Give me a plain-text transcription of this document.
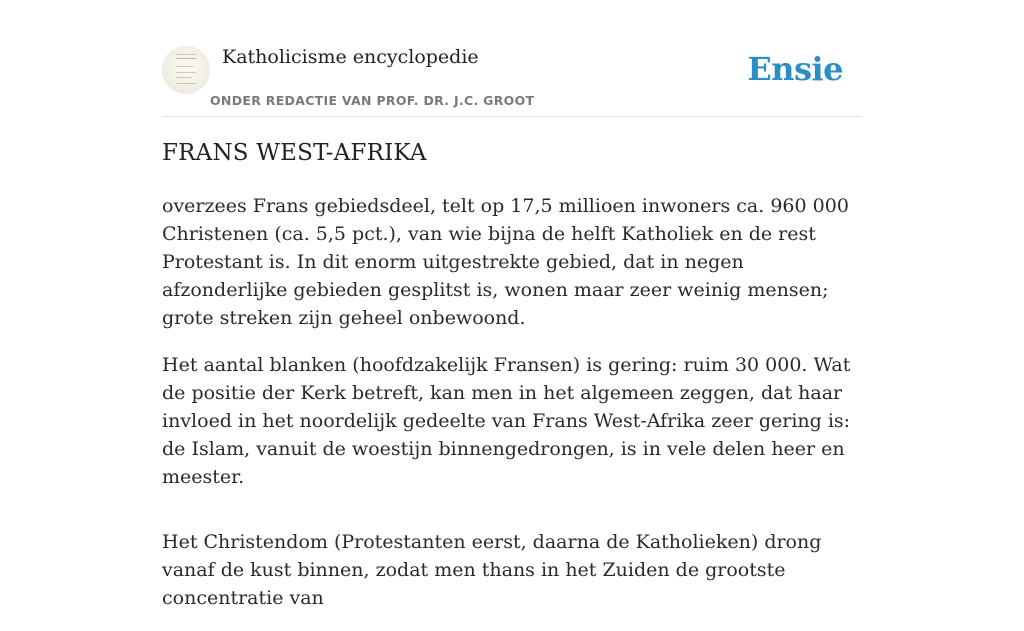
Katholicisme encyclopedie
ONDER REDACTIE VAN PROF. DR. J.C. GROOT
Ensie
FRANS WEST-AFRIKA

overzees Frans gebiedsdeel, telt op 17,5 millioen inwoners ca. 960 000 Christenen (ca. 5,5 pct.), van wie bijna de helft Katholiek en de rest Protestant is. In dit enorm uitgestrekte gebied, dat in negen afzonderlijke gebieden gesplitst is, wonen maar zeer weinig mensen; grote streken zijn geheel onbewoond.

Het aantal blanken (hoofdzakelijk Fransen) is gering: ruim 30 000. Wat de positie der Kerk betreft, kan men in het algemeen zeggen, dat haar invloed in het noordelijk gedeelte van Frans West-Afrika zeer gering is: de Islam, vanuit de woestijn binnengedrongen, is in vele delen heer en meester.

Het Christendom (Protestanten eerst, daarna de Katholieken) drong vanaf de kust binnen, zodat men thans in het Zuiden de grootste concentratie van
